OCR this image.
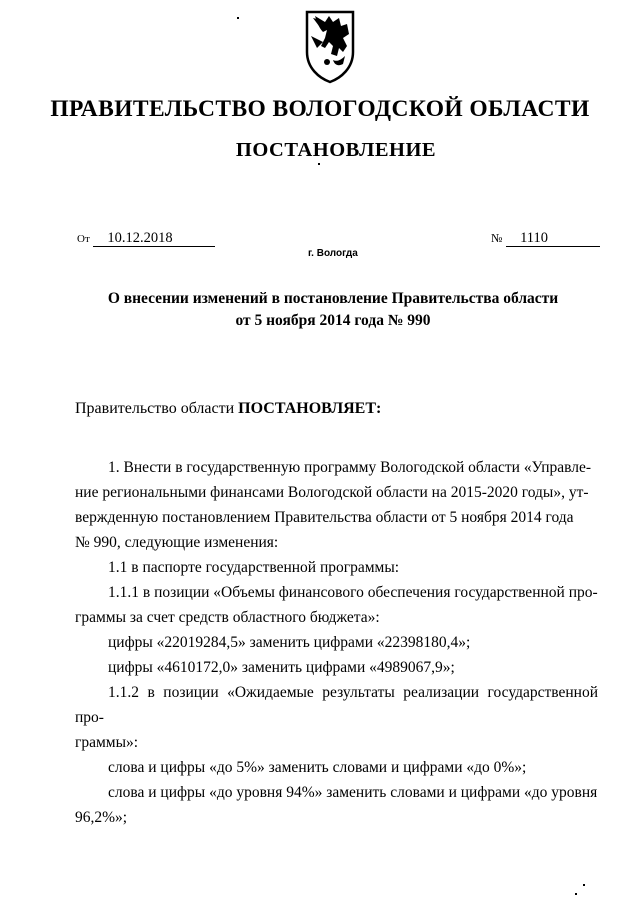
ПРАВИТЕЛЬСТВО ВОЛОГОДСКОЙ ОБЛАСТИ
ПОСТАНОВЛЕНИЕ
От 10.12.2018	№ 1110
г. Вологда
О внесении изменений в постановление Правительства области
от 5 ноября 2014 года № 990
Правительство области ПОСТАНОВЛЯЕТ:

1. Внести в государственную программу Вологодской области «Управле-

ние региональными финансами Вологодской области на 2015-2020 годы», ут-

вержденную постановлением Правительства области от 5 ноября 2014 года

№ 990, следующие изменения:

1.1 в паспорте государственной программы:

1.1.1 в позиции «Объемы финансового обеспечения государственной про-

граммы за счет средств областного бюджета»:

цифры «22019284,5» заменить цифрами «22398180,4»;

цифры «4610172,0» заменить цифрами «4989067,9»;

1.1.2 в позиции «Ожидаемые результаты реализации государственной про-

граммы»:

слова и цифры «до 5%» заменить словами и цифрами «до 0%»;

слова и цифры «до уровня 94%» заменить словами и цифрами «до уровня

96,2%»;
